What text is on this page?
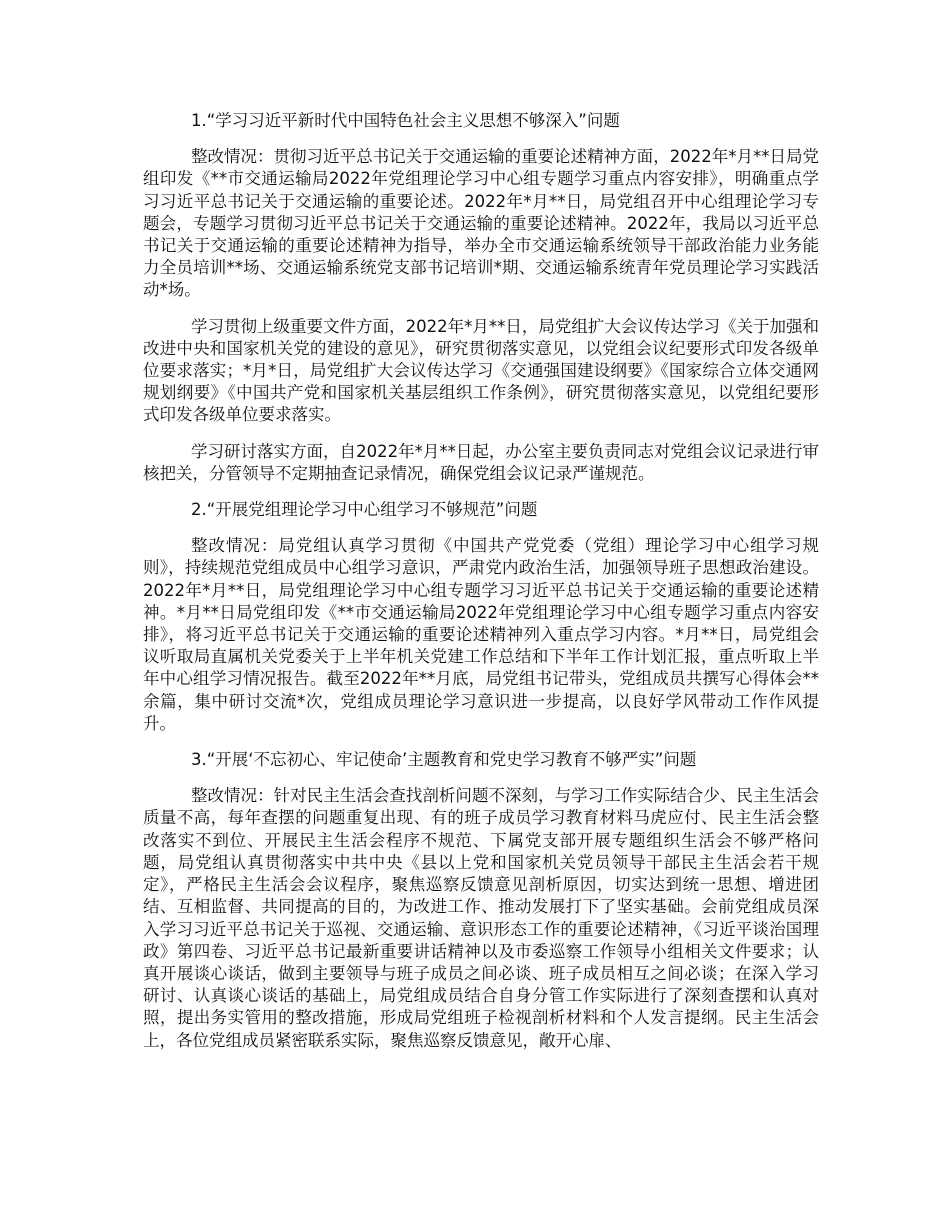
1.“学习习近平新时代中国特色社会主义思想不够深入”问题

整改情况：贯彻习近平总书记关于交通运输的重要论述精神方面，2022年*月**日局党组印发《**市交通运输局2022年党组理论学习中心组专题学习重点内容安排》，明确重点学习习近平总书记关于交通运输的重要论述。2022年*月**日，局党组召开中心组理论学习专题会，专题学习贯彻习近平总书记关于交通运输的重要论述精神。2022年，我局以习近平总书记关于交通运输的重要论述精神为指导，举办全市交通运输系统领导干部政治能力业务能力全员培训**场、交通运输系统党支部书记培训*期、交通运输系统青年党员理论学习实践活动*场。

学习贯彻上级重要文件方面，2022年*月**日，局党组扩大会议传达学习《关于加强和改进中央和国家机关党的建设的意见》，研究贯彻落实意见，以党组会议纪要形式印发各级单位要求落实；*月*日，局党组扩大会议传达学习《交通强国建设纲要》《国家综合立体交通网规划纲要》《中国共产党和国家机关基层组织工作条例》，研究贯彻落实意见，以党组纪要形式印发各级单位要求落实。

学习研讨落实方面，自2022年*月**日起，办公室主要负责同志对党组会议记录进行审核把关，分管领导不定期抽查记录情况，确保党组会议记录严谨规范。

2.“开展党组理论学习中心组学习不够规范”问题

整改情况：局党组认真学习贯彻《中国共产党党委（党组）理论学习中心组学习规则》，持续规范党组成员中心组学习意识，严肃党内政治生活，加强领导班子思想政治建设。2022年*月**日，局党组理论学习中心组专题学习习近平总书记关于交通运输的重要论述精神。*月**日局党组印发《**市交通运输局2022年党组理论学习中心组专题学习重点内容安排》，将习近平总书记关于交通运输的重要论述精神列入重点学习内容。*月**日，局党组会议听取局直属机关党委关于上半年机关党建工作总结和下半年工作计划汇报，重点听取上半年中心组学习情况报告。截至2022年**月底，局党组书记带头，党组成员共撰写心得体会**余篇，集中研讨交流*次，党组成员理论学习意识进一步提高，以良好学风带动工作作风提升。

3.“开展‘不忘初心、牢记使命’主题教育和党史学习教育不够严实”问题

整改情况：针对民主生活会查找剖析问题不深刻，与学习工作实际结合少、民主生活会质量不高，每年查摆的问题重复出现、有的班子成员学习教育材料马虎应付、民主生活会整改落实不到位、开展民主生活会程序不规范、下属党支部开展专题组织生活会不够严格问题，局党组认真贯彻落实中共中央《县以上党和国家机关党员领导干部民主生活会若干规定》，严格民主生活会会议程序，聚焦巡察反馈意见剖析原因，切实达到统一思想、增进团结、互相监督、共同提高的目的，为改进工作、推动发展打下了坚实基础。会前党组成员深入学习习近平总书记关于巡视、交通运输、意识形态工作的重要论述精神，《习近平谈治国理政》第四卷、习近平总书记最新重要讲话精神以及市委巡察工作领导小组相关文件要求；认真开展谈心谈话，做到主要领导与班子成员之间必谈、班子成员相互之间必谈；在深入学习研讨、认真谈心谈话的基础上，局党组成员结合自身分管工作实际进行了深刻查摆和认真对照，提出务实管用的整改措施，形成局党组班子检视剖析材料和个人发言提纲。民主生活会上，各位党组成员紧密联系实际，聚焦巡察反馈意见，敞开心扉、
